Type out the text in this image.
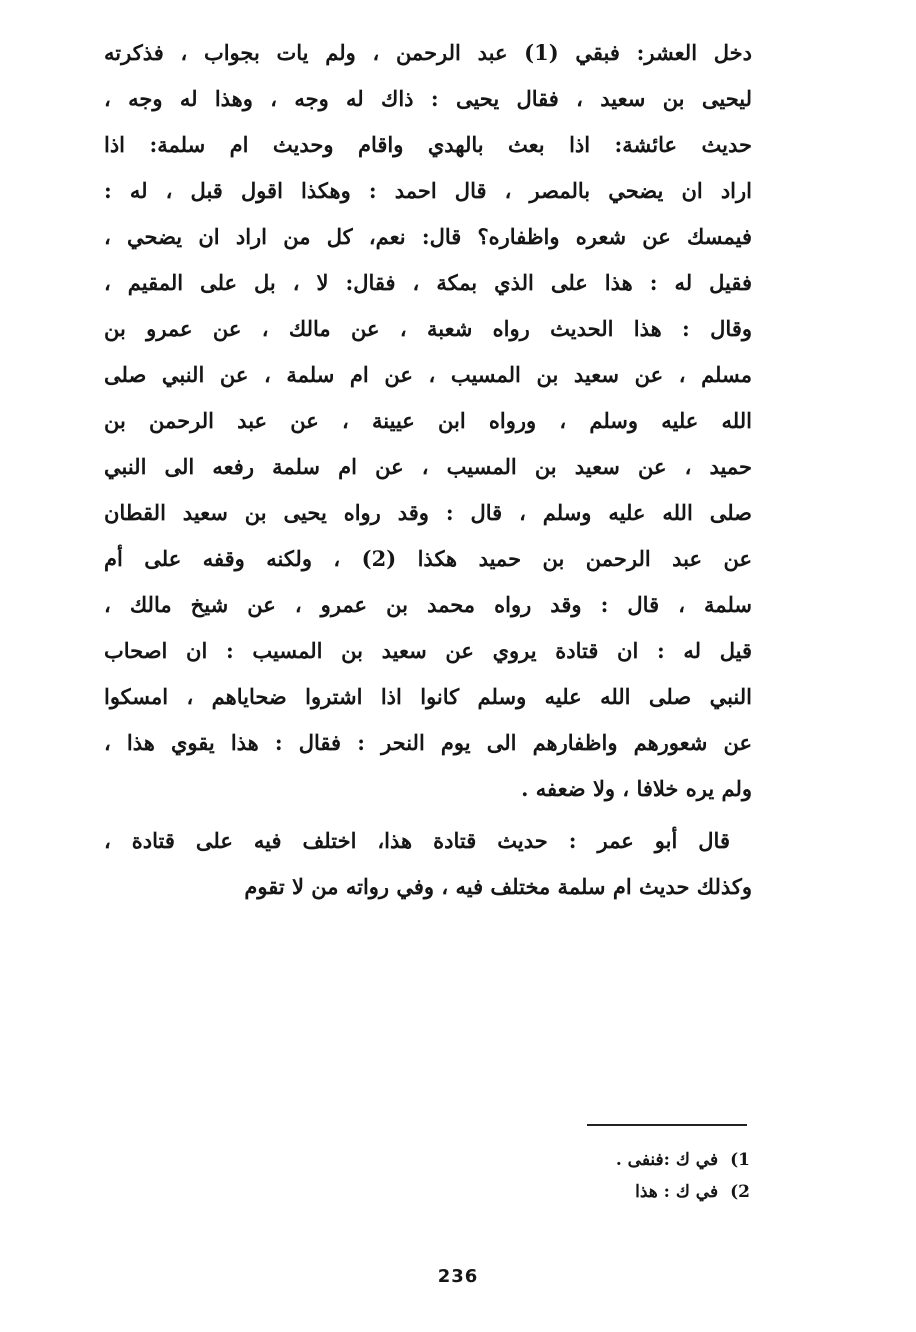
دخل العشر: فبقي (1) عبد الرحمن ، ولم يات بجواب ، فذكرته
ليحيى بن سعيد ، فقال يحيى : ذاك له وجه ، وهذا له وجه ،
حديث عائشة: اذا بعث بالهدي واقام وحديث ام سلمة: اذا
اراد ان يضحي بالمصر ، قال احمد : وهكذا اقول قبل ، له :
فيمسك عن شعره واظفاره؟ قال: نعم، كل من اراد ان يضحي ،
فقيل له : هذا على الذي بمكة ، فقال: لا ، بل على المقيم ،
وقال : هذا الحديث رواه شعبة ، عن مالك ، عن عمرو بن
مسلم ، عن سعيد بن المسيب ، عن ام سلمة ، عن النبي صلى
الله عليه وسلم ، ورواه ابن عيينة ، عن عبد الرحمن بن
حميد ، عن سعيد بن المسيب ، عن ام سلمة رفعه الى النبي
صلى الله عليه وسلم ، قال : وقد رواه يحيى بن سعيد القطان
عن عبد الرحمن بن حميد هكذا (2) ، ولكنه وقفه على أم
سلمة ، قال : وقد رواه محمد بن عمرو ، عن شيخ مالك ،
قيل له : ان قتادة يروي عن سعيد بن المسيب : ان اصحاب
النبي صلى الله عليه وسلم كانوا اذا اشتروا ضحاياهم ، امسكوا
عن شعورهم واظفارهم الى يوم النحر : فقال : هذا يقوي هذا ،
ولم يره خلافا ، ولا ضعفه .
قال أبو عمر : حديث قتادة هذا، اختلف فيه على قتادة ،
وكذلك حديث ام سلمة مختلف فيه ، وفي رواته من لا تقوم
1)في ك :فنفى .
2)في ك : هذا
236
